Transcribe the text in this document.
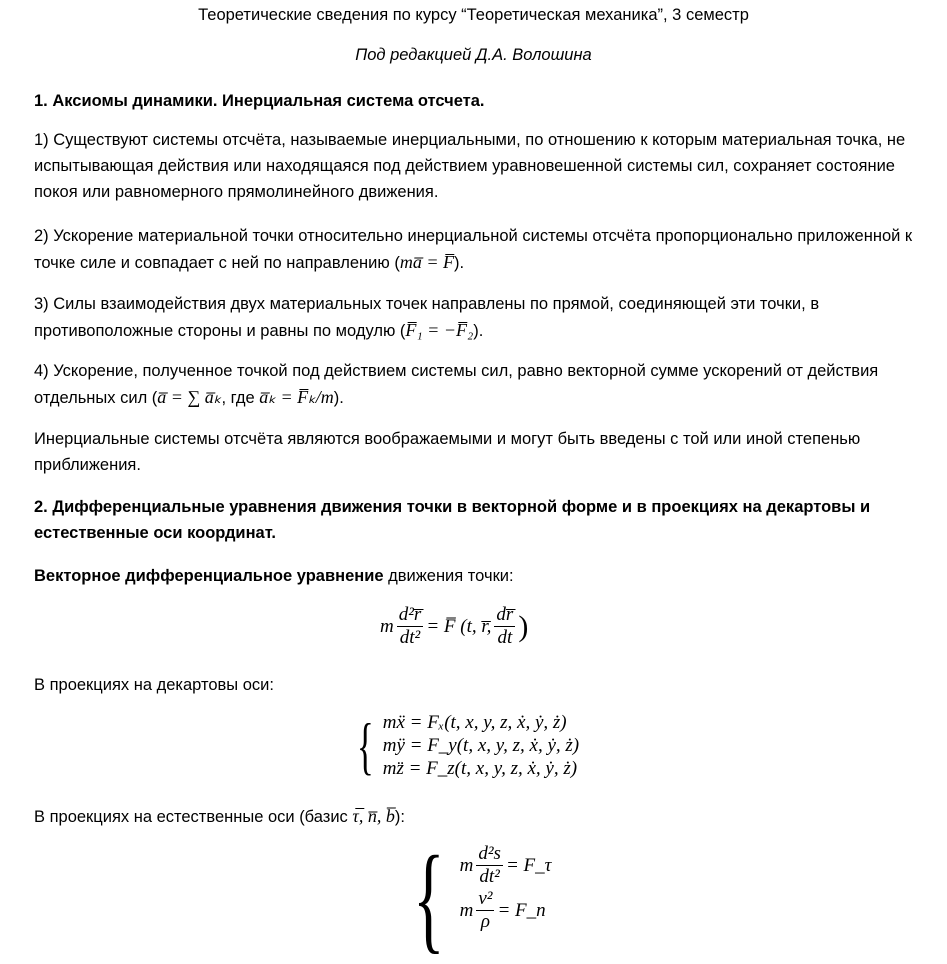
Теоретические сведения по курсу “Теоретическая механика”, 3 семестр
Под редакцией Д.А. Волошина

1. Аксиомы динамики. Инерциальная система отсчета.

1) Существуют системы отсчёта, называемые инерциальными, по отношению к которым материальная точка, не испытывающая действия или находящаяся под действием уравновешенной системы сил, сохраняет состояние покоя или равномерного прямолинейного движения.

2) Ускорение материальной точки относительно инерциальной системы отсчёта пропорционально приложенной к точке силе и совпадает с ней по направлению (ma̅ = F̅).

3) Силы взаимодействия двух материальных точек направлены по прямой, соединяющей эти точки, в противоположные стороны и равны по модулю (F̅₁ = −F̅₂).

4) Ускорение, полученное точкой под действием системы сил, равно векторной сумме ускорений от действия отдельных сил (a̅ = ∑ a̅ₖ, где a̅ₖ = F̅ₖ/m).

Инерциальные системы отсчёта являются воображаемыми и могут быть введены с той или иной степенью приближения.

2. Дифференциальные уравнения движения точки в векторной форме и в проекциях на декартовы и естественные оси координат.

Векторное дифференциальное уравнение движения точки:

m $\frac{\text{d²r̅}}{\text{dt²}}$ = F̅ (t, r̅, $\frac{dr̅}{dt}$ )

В проекциях на декартовы оси:

{ mẍ = Fₓ(t, x, y, z, ẋ, ẏ, ż)
mÿ = F_y(t, x, y, z, ẋ, ẏ, ż)
mz̈ = F_z(t, x, y, z, ẋ, ẏ, ż)

В проекциях на естественные оси (базис τ̅, n̅, b̅):

{ m $\frac{\text{d²s}}{\text{dt²}}$ = F_τ
m $\frac{\text{v²}}{\rho}$ = F_n
